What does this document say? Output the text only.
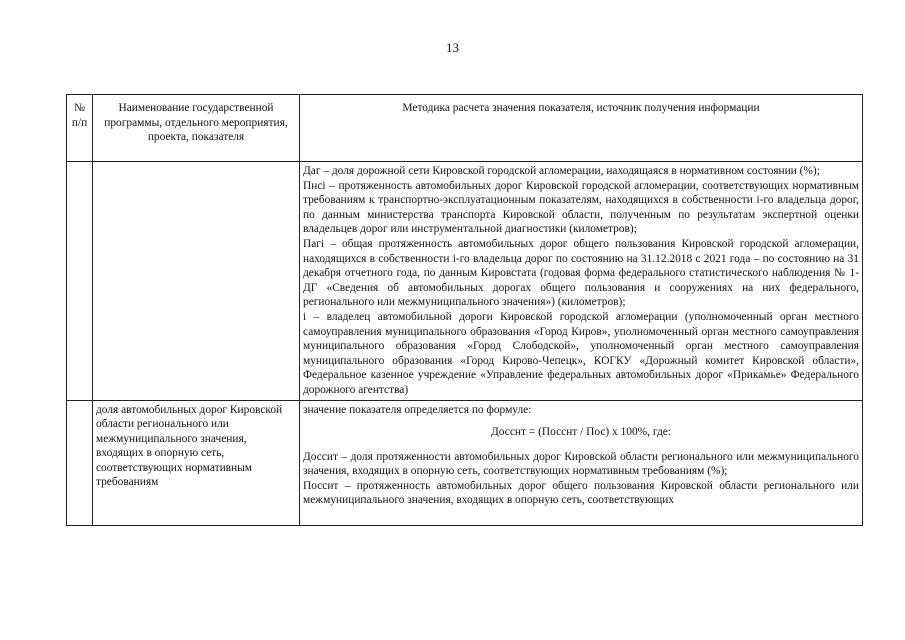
13
№ п/п	Наименование государственной программы, отдельного мероприятия, проекта, показателя	Методика расчета значения показателя, источник получения информации

		Даг – доля дорожной сети Кировской городской агломерации, находящаяся в нормативном состоянии (%);

Пнсi – протяженность автомобильных дорог Кировской городской агломерации, соответствующих нормативным требованиям к транспортно-эксплуатационным показателям, находящихся в собственности i-го владельца дорог, по данным министерства транспорта Кировской области, полученным по результатам экспертной оценки владельцев дорог или инструментальной диагностики (километров);

Пагi – общая протяженность автомобильных дорог общего пользования Кировской городской агломерации, находящихся в собственности i-го владельца дорог по состоянию на 31.12.2018 с 2021 года – по состоянию на 31 декабря отчетного года, по данным Кировстата (годовая форма федерального статистического наблюдения № 1-ДГ «Сведения об автомобильных дорогах общего пользования и сооружениях на них федерального, регионального или межмуниципального значения») (километров);

i – владелец автомобильной дороги Кировской городской агломерации (уполномоченный орган местного самоуправления муниципального образования «Город Киров», уполномоченный орган местного самоуправления муниципального образования «Город Слободской», уполномоченный орган местного самоуправления муниципального образования «Город Кирово-Чепецк», КОГКУ «Дорожный комитет Кировской области», Федеральное казенное учреждение «Управление федеральных автомобильных дорог «Прикамье» Федерального дорожного агентства)

	доля автомобильных дорог Кировской области регионального или межмуниципального значения, входящих в опорную сеть, соответствующих нормативным требованиям	значение показателя определяется по формуле:

Досснт = (Посснт / Пос) х 100%, где:

Доссит – доля протяженности автомобильных дорог Кировской области регионального или межмуниципального значения, входящих в опорную сеть, соответствующих нормативным требованиям (%);

Поссит – протяженность автомобильных дорог общего пользования Кировской области регионального или межмуниципального значения, входящих в опорную сеть, соответствующих
